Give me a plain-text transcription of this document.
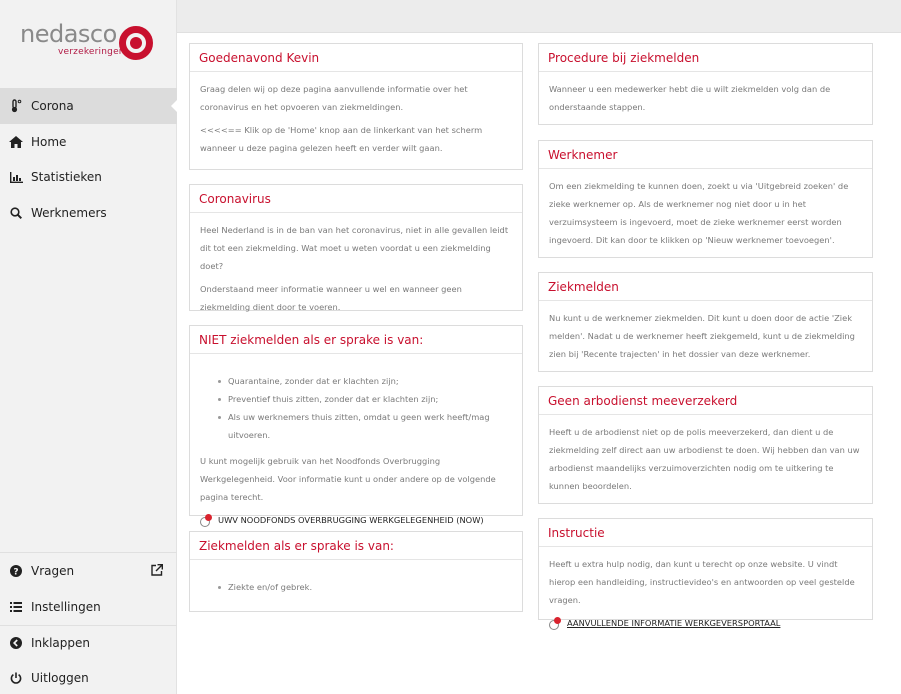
nedasco
verzekeringen
Corona
Home
Statistieken
Werknemers
? Vragen
Instellingen
Inklappen
Uitloggen
Goedenavond Kevin

Graag delen wij op deze pagina aanvullende informatie over het coronavirus en het opvoeren van ziekmeldingen.

<<<<== Klik op de 'Home' knop aan de linkerkant van het scherm wanneer u deze pagina gelezen heeft en verder wilt gaan.

Coronavirus

Heel Nederland is in de ban van het coronavirus, niet in alle gevallen leidt dit tot een ziekmelding. Wat moet u weten voordat u een ziekmelding doet?

Onderstaand meer informatie wanneer u wel en wanneer geen ziekmelding dient door te voeren.

NIET ziekmelden als er sprake is van:
Quarantaine, zonder dat er klachten zijn;
Preventief thuis zitten, zonder dat er klachten zijn;
Als uw werknemers thuis zitten, omdat u geen werk heeft/mag uitvoeren.

U kunt mogelijk gebruik van het Noodfonds Overbrugging Werkgelegenheid. Voor informatie kunt u onder andere op de volgende pagina terecht.

UWV NOODFONDS OVERBRUGGING WERKGELEGENHEID (NOW)
Ziekmelden als er sprake is van:
Ziekte en/of gebrek.
Procedure bij ziekmelden

Wanneer u een medewerker hebt die u wilt ziekmelden volg dan de onderstaande stappen.

Werknemer

Om een ziekmelding te kunnen doen, zoekt u via 'Uitgebreid zoeken' de zieke werknemer op. Als de werknemer nog niet door u in het verzuimsysteem is ingevoerd, moet de zieke werknemer eerst worden ingevoerd. Dit kan door te klikken op 'Nieuw werknemer toevoegen'.

Ziekmelden

Nu kunt u de werknemer ziekmelden. Dit kunt u doen door de actie 'Ziek melden'. Nadat u de werknemer heeft ziekgemeld, kunt u de ziekmelding zien bij 'Recente trajecten' in het dossier van deze werknemer.

Geen arbodienst meeverzekerd

Heeft u de arbodienst niet op de polis meeverzekerd, dan dient u de ziekmelding zelf direct aan uw arbodienst te doen. Wij hebben dan van uw arbodienst maandelijks verzuimoverzichten nodig om te uitkering te kunnen beoordelen.

Instructie

Heeft u extra hulp nodig, dan kunt u terecht op onze website. U vindt hierop een handleiding, instructievideo's en antwoorden op veel gestelde vragen.

AANVULLENDE INFORMATIE WERKGEVERSPORTAAL
